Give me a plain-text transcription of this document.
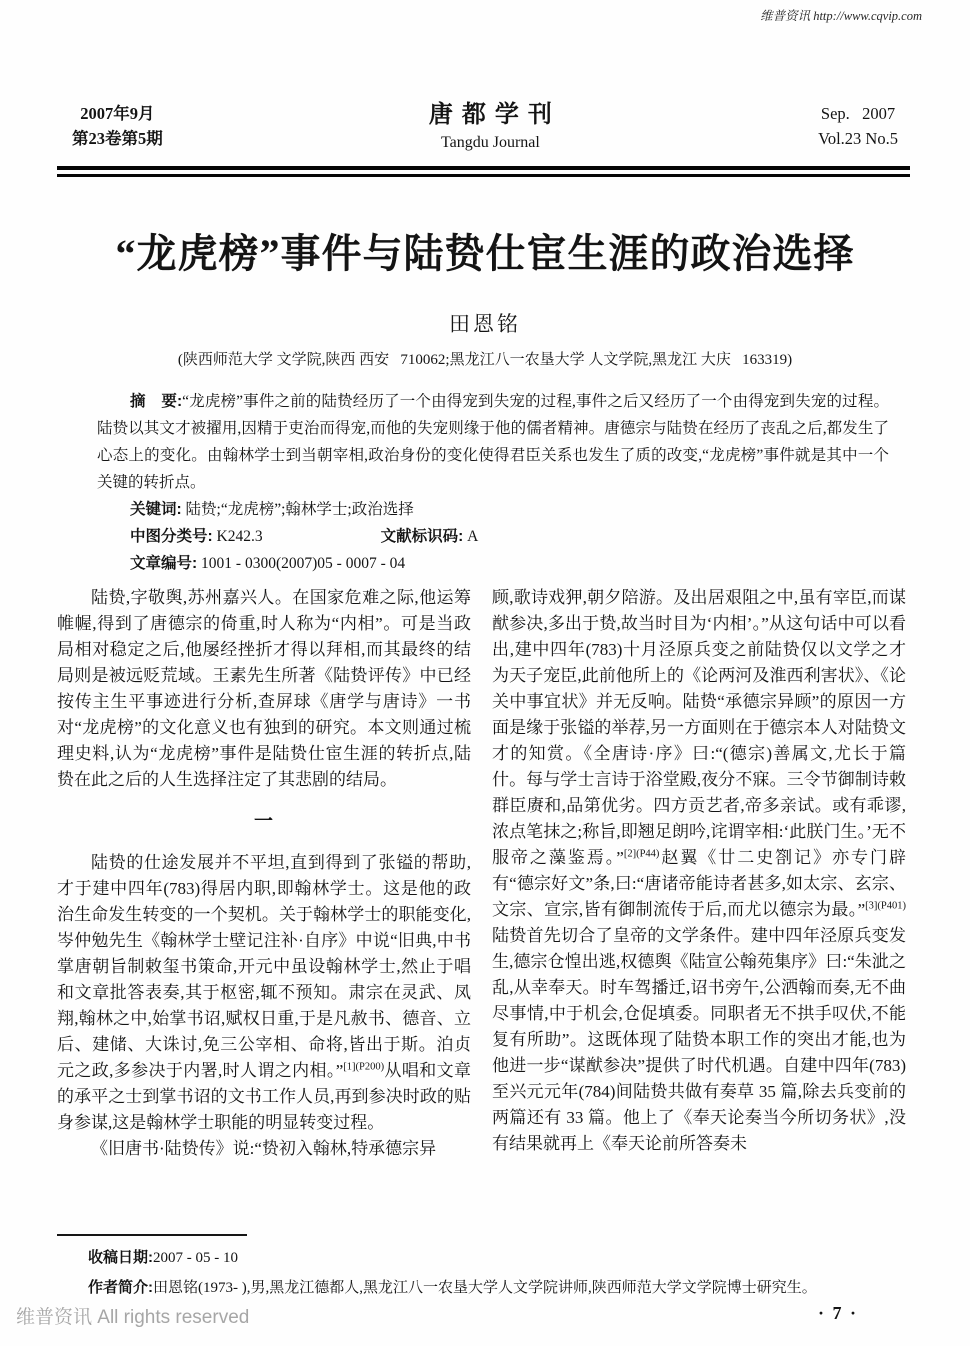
维普资讯 http://www.cqvip.com
2007年9月
第23卷第5期
唐都学刊
Tangdu Journal
Sep.   2007
Vol.23 No.5
“龙虎榜”事件与陆贽仕宦生涯的政治选择
田恩铭
(陕西师范大学 文学院,陕西 西安   710062;黑龙江八一农垦大学 人文学院,黑龙江 大庆   163319)

摘　要:“龙虎榜”事件之前的陆贽经历了一个由得宠到失宠的过程,事件之后又经历了一个由得宠到失宠的过程。陆贽以其文才被擢用,因精于吏治而得宠,而他的失宠则缘于他的儒者精神。唐德宗与陆贽在经历了丧乱之后,都发生了心态上的变化。由翰林学士到当朝宰相,政治身份的变化使得君臣关系也发生了质的改变,“龙虎榜”事件就是其中一个关键的转折点。

关键词: 陆贽;“龙虎榜”;翰林学士;政治选择

中图分类号: K242.3	文献标识码: A

文章编号: 1001 - 0300(2007)05 - 0007 - 04

陆贽,字敬舆,苏州嘉兴人。在国家危难之际,他运筹帷幄,得到了唐德宗的倚重,时人称为“内相”。可是当政局相对稳定之后,他屡经挫折才得以拜相,而其最终的结局则是被远贬荒域。王素先生所著《陆贽评传》中已经按传主生平事迹进行分析,查屏球《唐学与唐诗》一书对“龙虎榜”的文化意义也有独到的研究。本文则通过梳理史料,认为“龙虎榜”事件是陆贽仕宦生涯的转折点,陆贽在此之后的人生选择注定了其悲剧的结局。

一

陆贽的仕途发展并不平坦,直到得到了张镒的帮助,才于建中四年(783)得居内职,即翰林学士。这是他的政治生命发生转变的一个契机。关于翰林学士的职能变化,岑仲勉先生《翰林学士壁记注补·自序》中说“旧典,中书掌唐朝旨制敕玺书策命,开元中虽设翰林学士,然止于唱和文章批答表奏,其于枢密,辄不预知。肃宗在灵武、凤翔,翰林之中,始掌书诏,赋权日重,于是凡赦书、德音、立后、建储、大诛讨,免三公宰相、命将,皆出于斯。泊贞元之政,多参决于内署,时人谓之内相。”$^{[1](P200)}$从唱和文章的承平之士到掌书诏的文书工作人员,再到参决时政的贴身参谋,这是翰林学士职能的明显转变过程。

《旧唐书·陆贽传》说:“贽初入翰林,特承德宗异

顾,歌诗戏狎,朝夕陪游。及出居艰阻之中,虽有宰臣,而谋猷参决,多出于贽,故当时目为‘内相’。”从这句话中可以看出,建中四年(783)十月泾原兵变之前陆贽仅以文学之才为天子宠臣,此前他所上的《论两河及淮西利害状》、《论关中事宜状》并无反响。陆贽“承德宗异顾”的原因一方面是缘于张镒的举荐,另一方面则在于德宗本人对陆贽文才的知赏。《全唐诗·序》曰:“(德宗)善属文,尤长于篇什。每与学士言诗于浴堂殿,夜分不寐。三令节御制诗敕群臣赓和,品第优劣。四方贡艺者,帝多亲试。或有乖谬,浓点笔抹之;称旨,即翘足朗吟,诧谓宰相:‘此朕门生。’无不服帝之藻鉴焉。”$^{[2](P44)}$赵翼《廿二史劄记》亦专门辟有“德宗好文”条,曰:“唐诸帝能诗者甚多,如太宗、玄宗、文宗、宣宗,皆有御制流传于后,而尤以德宗为最。”$^{[3](P401)}$陆贽首先切合了皇帝的文学条件。建中四年泾原兵变发生,德宗仓惶出逃,权德舆《陆宣公翰苑集序》曰:“朱泚之乱,从幸奉天。时车驾播迁,诏书旁午,公洒翰而奏,无不曲尽事情,中于机会,仓促填委。同职者无不拱手叹伏,不能复有所助”。这既体现了陆贽本职工作的突出才能,也为他进一步“谋猷参决”提供了时代机遇。自建中四年(783)至兴元元年(784)间陆贽共做有奏草 35 篇,除去兵变前的两篇还有 33 篇。他上了《奉天论奏当今所切务状》,没有结果就再上《奉天论前所答奏未

收稿日期:2007 - 05 - 10

作者简介:田恩铭(1973- ),男,黑龙江德都人,黑龙江八一农垦大学人文学院讲师,陕西师范大学文学院博士研究生。

维普资讯 All rights reserved	· 7 ·
